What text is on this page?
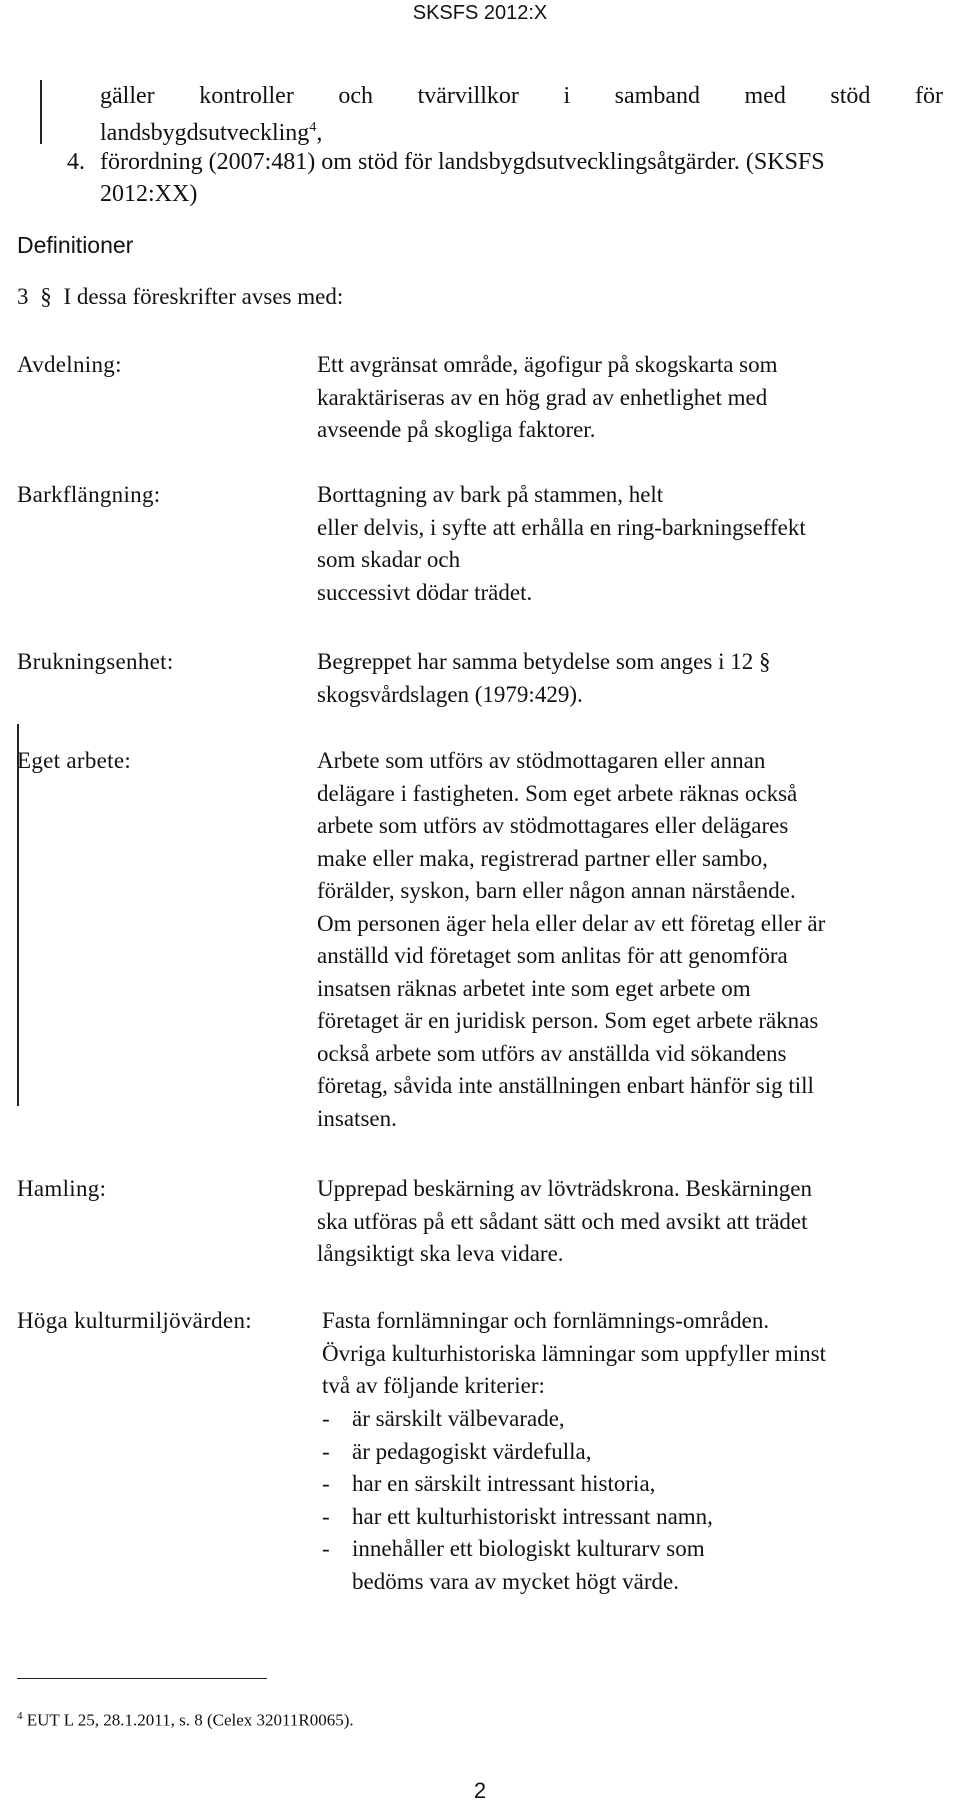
SKSFS 2012:X
gäller kontroller och tvärvillkor i samband med stöd för
landsbygdsutveckling$^4$,
4. förordning (2007:481) om stöd för landsbygdsutvecklingsåtgärder. (SKSFS
2012:XX)
Definitioner
3 § I dessa föreskrifter avses med:
Avdelning:	Ett avgränsat område, ägofigur på skogskarta som
karaktäriseras av en hög grad av enhetlighet med
avseende på skogliga faktorer.
Barkflängning:	Borttagning av bark på stammen, helt
eller delvis, i syfte att erhålla en ring-barkningseffekt
som skadar och
successivt dödar trädet.
Brukningsenhet:	Begreppet har samma betydelse som anges i 12 §
skogsvårdslagen (1979:429).
Eget arbete:	Arbete som utförs av stödmottagaren eller annan
delägare i fastigheten. Som eget arbete räknas också
arbete som utförs av stödmottagares eller delägares
make eller maka, registrerad partner eller sambo,
förälder, syskon, barn eller någon annan närstående.
Om personen äger hela eller delar av ett företag eller är
anställd vid företaget som anlitas för att genomföra
insatsen räknas arbetet inte som eget arbete om
företaget är en juridisk person. Som eget arbete räknas
också arbete som utförs av anställda vid sökandens
företag, såvida inte anställningen enbart hänför sig till
insatsen.
Hamling:	Upprepad beskärning av lövträdskrona. Beskärningen
ska utföras på ett sådant sätt och med avsikt att trädet
långsiktigt ska leva vidare.
Höga kulturmiljövärden:	Fasta fornlämningar och fornlämnings-områden.
Övriga kulturhistoriska lämningar som uppfyller minst
två av följande kriterier:
- är särskilt välbevarade,
- är pedagogiskt värdefulla,
- har en särskilt intressant historia,
- har ett kulturhistoriskt intressant namn,
- innehåller ett biologiskt kulturarv som
bedöms vara av mycket högt värde.
$^4$ EUT L 25, 28.1.2011, s. 8 (Celex 32011R0065).
2
